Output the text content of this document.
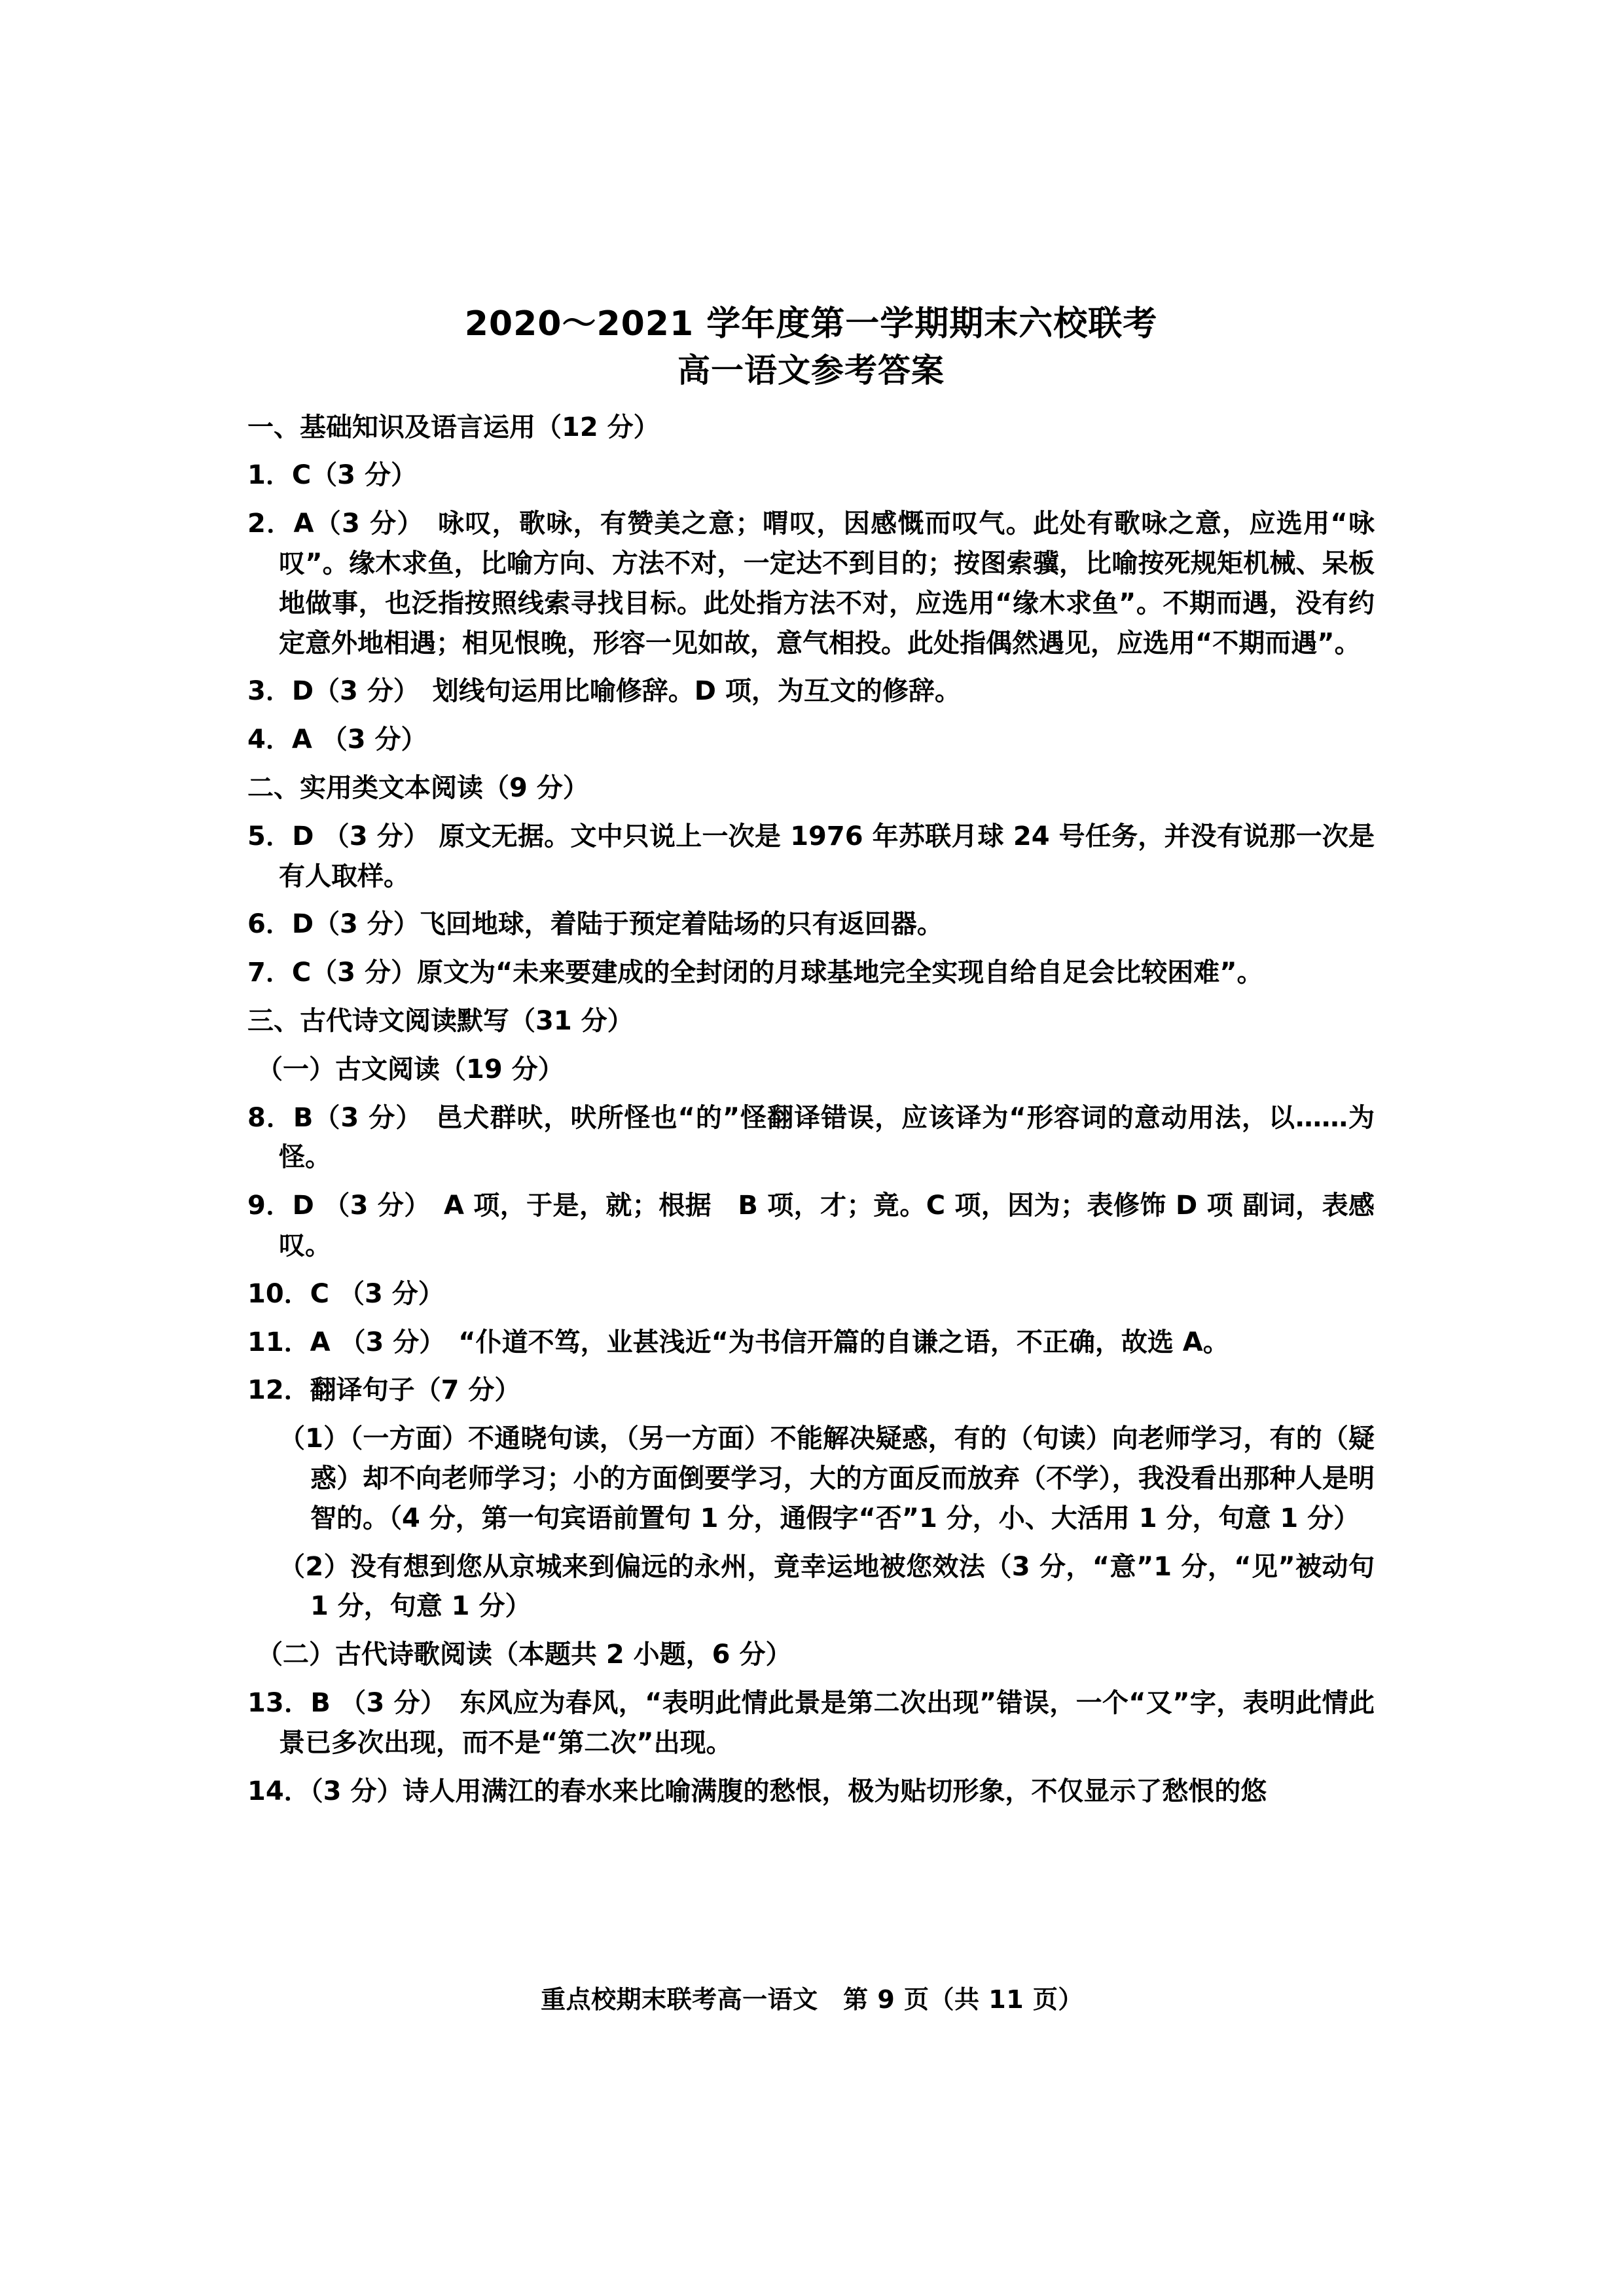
2020～2021 学年度第一学期期末六校联考
高一语文参考答案

一、基础知识及语言运用（12 分）

1．C（3 分）

2．A（3 分）　咏叹，歌咏，有赞美之意；喟叹，因感慨而叹气。此处有歌咏之意，应选用“咏叹”。缘木求鱼，比喻方向、方法不对，一定达不到目的；按图索骥，比喻按死规矩机械、呆板地做事，也泛指按照线索寻找目标。此处指方法不对，应选用“缘木求鱼”。不期而遇，没有约定意外地相遇；相见恨晚，形容一见如故，意气相投。此处指偶然遇见，应选用“不期而遇”。

3．D（3 分）　划线句运用比喻修辞。D 项，为互文的修辞。

4．A （3 分）

二、实用类文本阅读（9 分）

5．D （3 分） 原文无据。文中只说上一次是 1976 年苏联月球 24 号任务，并没有说那一次是有人取样。

6．D（3 分）飞回地球，着陆于预定着陆场的只有返回器。

7．C（3 分）原文为“未来要建成的全封闭的月球基地完全实现自给自足会比较困难”。

三、古代诗文阅读默写（31 分）

（一）古文阅读（19 分）

8．B（3 分）　邑犬群吠，吠所怪也“的”怪翻译错误，应该译为“形容词的意动用法，以……为怪。

9．D （3 分）　A 项，于是，就；根据　B 项，才；竟。C 项，因为；表修饰 D 项 副词，表感叹。

10．C （3 分）

11．A （3 分）　“仆道不笃，业甚浅近“为书信开篇的自谦之语，不正确，故选 A。

12．翻译句子（7 分）

（1）（一方面）不通晓句读，（另一方面）不能解决疑惑，有的（句读）向老师学习，有的（疑惑）却不向老师学习；小的方面倒要学习，大的方面反而放弃（不学），我没看出那种人是明智的。（4 分，第一句宾语前置句 1 分，通假字“否”1 分，小、大活用 1 分，句意 1 分）

（2）没有想到您从京城来到偏远的永州，竟幸运地被您效法（3 分，“意”1 分，“见”被动句 1 分，句意 1 分）

（二）古代诗歌阅读（本题共 2 小题，6 分）

13．B （3 分）　东风应为春风，“表明此情此景是第二次出现”错误，一个“又”字，表明此情此景已多次出现，而不是“第二次”出现。

14．（3 分）诗人用满江的春水来比喻满腹的愁恨，极为贴切形象，不仅显示了愁恨的悠

重点校期末联考高一语文　第 9 页（共 11 页）
